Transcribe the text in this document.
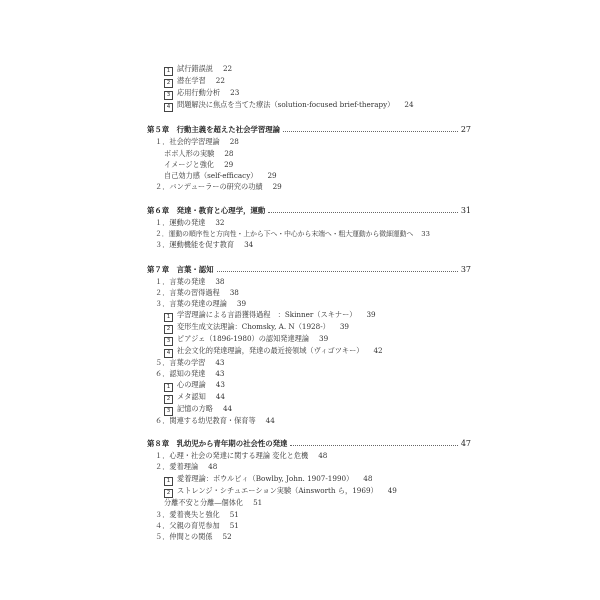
1 試行錯誤説 22
2 潜在学習 22
3 応用行動分析 23
4 問題解決に焦点を当てた療法（solution-focused brief-therapy） 24
第５章　行動主義を超えた社会学習理論	27
１．社会的学習理論 28
ボボ人形の実験 28
イメージと強化 29
自己効力感（self-efficacy） 29
２．バンデューラーの研究の功績 29
第６章　発達・教育と心理学，運動	31
１．運動の発達 32
２．運動の順序性と方向性・上から下へ・中心から末端へ・粗大運動から微細運動へ 33
３．運動機能を促す教育 34
第７章　言葉・認知	37
１．言葉の発達 38
２．言葉の習得過程 38
３．言葉の発達の理論 39
1 学習理論による言語獲得過程　：Skinner（スキナー） 39
2 変形生成文法理論：Chomsky, A. N（1928-） 39
3 ピアジェ（1896-1980）の認知発達理論 39
4 社会文化的発達理論，発達の最近接領域（ヴィゴツキー） 42
５．言葉の学習 43
６．認知の発達 43
1 心の理論 43
2 メタ認知 44
3 記憶の方略 44
６．関連する幼児教育・保育等 44
第８章　乳幼児から青年期の社会性の発達	47
１．心理・社会の発達に関する理論 変化と危機 48
２．愛着理論 48
1 愛着理論：ボウルビィ（Bowlby, John. 1907-1990） 48
2 ストレンジ・シチュエーション実験（Ainsworth ら，1969） 49
分離不安と分離―個体化 51
３．愛着喪失と強化 51
４．父親の育児参加 51
５．仲間との関係 52
